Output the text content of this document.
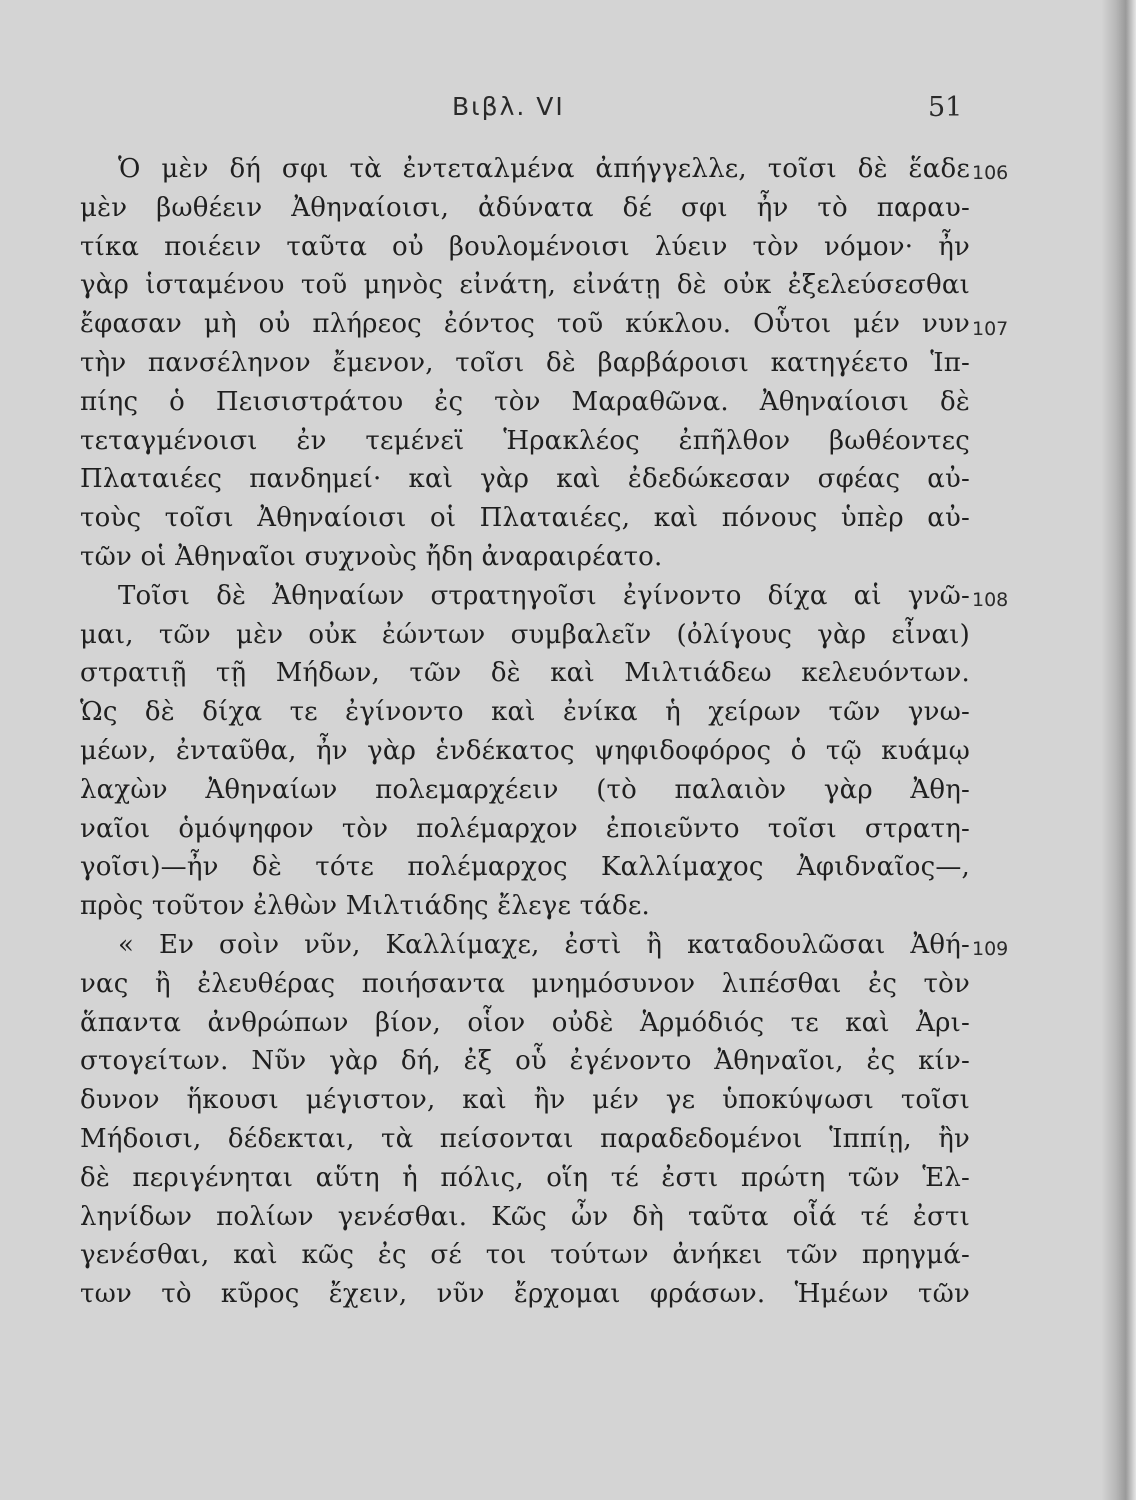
Βιβλ. VI	51
Ὁ μὲν δή σφι τὰ ἐντεταλμένα ἀπήγγελλε, τοῖσι δὲ ἕαδε
μὲν βωθέειν Ἀθηναίοισι, ἀδύνατα δέ σφι ἦν τὸ παραυ-
τίκα ποιέειν ταῦτα οὐ βουλομένοισι λύειν τὸν νόμον· ἦν
γὰρ ἱσταμένου τοῦ μηνὸς εἰνάτη, εἰνάτῃ δὲ οὐκ ἐξελεύσεσθαι
ἔφασαν μὴ οὐ πλήρεος ἐόντος τοῦ κύκλου. Οὗτοι μέν νυν
τὴν πανσέληνον ἔμενον, τοῖσι δὲ βαρβάροισι κατηγέετο Ἱπ-
πίης ὁ Πεισιστράτου ἐς τὸν Μαραθῶνα. Ἀθηναίοισι δὲ
τεταγμένοισι ἐν τεμένεϊ Ἡρακλέος ἐπῆλθον βωθέοντες
Πλαταιέες πανδημεί· καὶ γὰρ καὶ ἐδεδώκεσαν σφέας αὐ-
τοὺς τοῖσι Ἀθηναίοισι οἱ Πλαταιέες, καὶ πόνους ὑπὲρ αὐ-
τῶν οἱ Ἀθηναῖοι συχνοὺς ἤδη ἀναραιρέατο.
Τοῖσι δὲ Ἀθηναίων στρατηγοῖσι ἐγίνοντο δίχα αἱ γνῶ-
μαι, τῶν μὲν οὐκ ἐώντων συμβαλεῖν (ὀλίγους γὰρ εἶναι)
στρατιῇ τῇ Μήδων, τῶν δὲ καὶ Μιλτιάδεω κελευόντων.
Ὡς δὲ δίχα τε ἐγίνοντο καὶ ἐνίκα ἡ χείρων τῶν γνω-
μέων, ἐνταῦθα, ἦν γὰρ ἑνδέκατος ψηφιδοφόρος ὁ τῷ κυάμῳ
λαχὼν Ἀθηναίων πολεμαρχέειν (τὸ παλαιὸν γὰρ Ἀθη-
ναῖοι ὁμόψηφον τὸν πολέμαρχον ἐποιεῦντο τοῖσι στρατη-
γοῖσι)—ἦν δὲ τότε πολέμαρχος Καλλίμαχος Ἀφιδναῖος—,
πρὸς τοῦτον ἐλθὼν Μιλτιάδης ἔλεγε τάδε.
« Εν σοὶν νῦν, Καλλίμαχε, ἐστὶ ἢ καταδουλῶσαι Ἀθή-
νας ἢ ἐλευθέρας ποιήσαντα μνημόσυνον λιπέσθαι ἐς τὸν
ἅπαντα ἀνθρώπων βίον, οἷον οὐδὲ Ἁρμόδιός τε καὶ Ἀρι-
στογείτων. Νῦν γὰρ δή, ἐξ οὗ ἐγένοντο Ἀθηναῖοι, ἐς κίν-
δυνον ἥκουσι μέγιστον, καὶ ἢν μέν γε ὑποκύψωσι τοῖσι
Μήδοισι, δέδεκται, τὰ πείσονται παραδεδομένοι Ἱππίῃ, ἢν
δὲ περιγένηται αὕτη ἡ πόλις, οἵη τέ ἐστι πρώτη τῶν Ἑλ-
ληνίδων πολίων γενέσθαι. Κῶς ὦν δὴ ταῦτα οἷά τέ ἐστι
γενέσθαι, καὶ κῶς ἐς σέ τοι τούτων ἀνήκει τῶν πρηγμά-
των τὸ κῦρος ἔχειν, νῦν ἔρχομαι φράσων. Ἡμέων τῶν
106
107
108
109
